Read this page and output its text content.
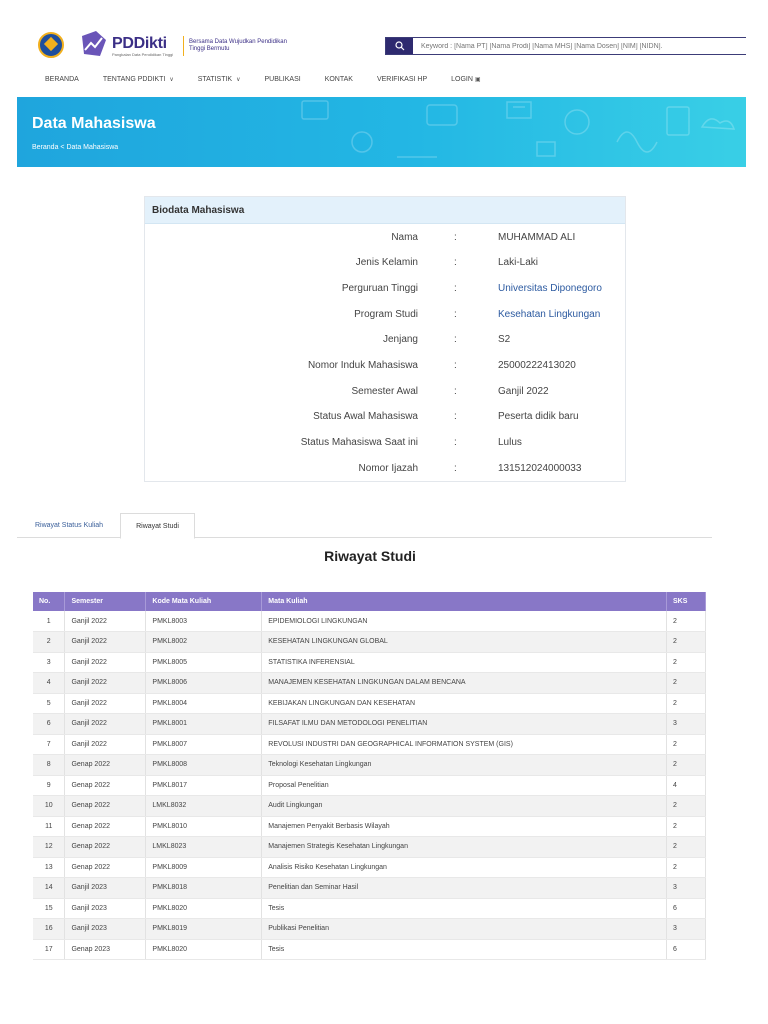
PDDikti
Pangkalan Data Pendidikan Tinggi
Bersama Data Wujudkan Pendidikan Tinggi Bermutu
Keyword : [Nama PT] [Nama Prodi] [Nama MHS] [Nama Dosen] [NIM] [NIDN].
BERANDA	TENTANG PDDIKTI ∨	STATISTIK ∨	PUBLIKASI	KONTAK	VERIFIKASI HP	LOGIN ▣
Data Mahasiswa
Beranda < Data Mahasiswa
Biodata Mahasiswa
Nama	:	MUHAMMAD ALI
Jenis Kelamin	:	Laki-Laki
Perguruan Tinggi	:	Universitas Diponegoro
Program Studi	:	Kesehatan Lingkungan
Jenjang	:	S2
Nomor Induk Mahasiswa	:	25000222413020
Semester Awal	:	Ganjil 2022
Status Awal Mahasiswa	:	Peserta didik baru
Status Mahasiswa Saat ini	:	Lulus
Nomor Ijazah	:	131512024000033
Riwayat Status Kuliah	Riwayat Studi
Riwayat Studi
No.	Semester	Kode Mata Kuliah	Mata Kuliah	SKS
1	Ganjil 2022	PMKL8003	EPIDEMIOLOGI LINGKUNGAN	2
2	Ganjil 2022	PMKL8002	KESEHATAN LINGKUNGAN GLOBAL	2
3	Ganjil 2022	PMKL8005	STATISTIKA INFERENSIAL	2
4	Ganjil 2022	PMKL8006	MANAJEMEN KESEHATAN LINGKUNGAN DALAM BENCANA	2
5	Ganjil 2022	PMKL8004	KEBIJAKAN LINGKUNGAN DAN KESEHATAN	2
6	Ganjil 2022	PMKL8001	FILSAFAT ILMU DAN METODOLOGI PENELITIAN	3
7	Ganjil 2022	PMKL8007	REVOLUSI INDUSTRI DAN GEOGRAPHICAL INFORMATION SYSTEM (GIS)	2
8	Genap 2022	PMKL8008	Teknologi Kesehatan Lingkungan	2
9	Genap 2022	PMKL8017	Proposal Penelitian	4
10	Genap 2022	LMKL8032	Audit Lingkungan	2
11	Genap 2022	PMKL8010	Manajemen Penyakit Berbasis Wilayah	2
12	Genap 2022	LMKL8023	Manajemen Strategis Kesehatan Lingkungan	2
13	Genap 2022	PMKL8009	Analisis Risiko Kesehatan Lingkungan	2
14	Ganjil 2023	PMKL8018	Penelitian dan Seminar Hasil	3
15	Ganjil 2023	PMKL8020	Tesis	6
16	Ganjil 2023	PMKL8019	Publikasi Penelitian	3
17	Genap 2023	PMKL8020	Tesis	6
